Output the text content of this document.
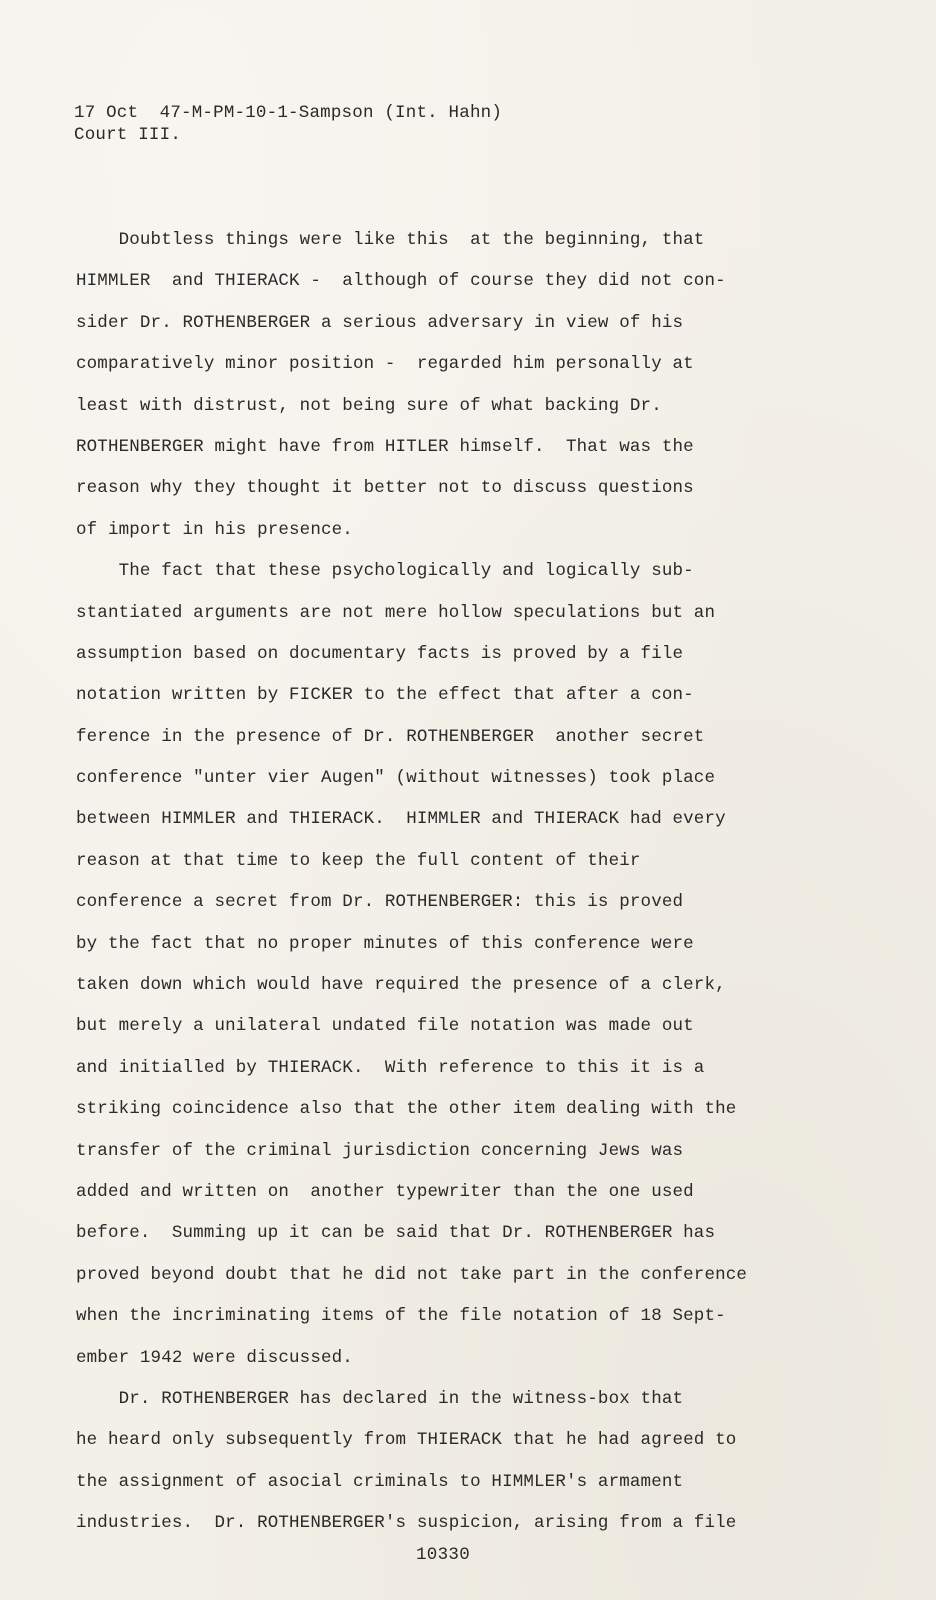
17 Oct  47-M-PM-10-1-Sampson (Int. Hahn)
Court III.
Doubtless things were like this  at the beginning, that
HIMMLER  and THIERACK -  although of course they did not con-
sider Dr. ROTHENBERGER a serious adversary in view of his
comparatively minor position -  regarded him personally at
least with distrust, not being sure of what backing Dr.
ROTHENBERGER might have from HITLER himself.  That was the
reason why they thought it better not to discuss questions
of import in his presence.
The fact that these psychologically and logically sub-
stantiated arguments are not mere hollow speculations but an
assumption based on documentary facts is proved by a file
notation written by FICKER to the effect that after a con-
ference in the presence of Dr. ROTHENBERGER  another secret
conference "unter vier Augen" (without witnesses) took place
between HIMMLER and THIERACK.  HIMMLER and THIERACK had every
reason at that time to keep the full content of their
conference a secret from Dr. ROTHENBERGER: this is proved
by the fact that no proper minutes of this conference were
taken down which would have required the presence of a clerk,
but merely a unilateral undated file notation was made out
and initialled by THIERACK.  With reference to this it is a
striking coincidence also that the other item dealing with the
transfer of the criminal jurisdiction concerning Jews was
added and written on  another typewriter than the one used
before.  Summing up it can be said that Dr. ROTHENBERGER has
proved beyond doubt that he did not take part in the conference
when the incriminating items of the file notation of 18 Sept-
ember 1942 were discussed.
Dr. ROTHENBERGER has declared in the witness-box that
he heard only subsequently from THIERACK that he had agreed to
the assignment of asocial criminals to HIMMLER's armament
industries.  Dr. ROTHENBERGER's suspicion, arising from a file
10330
